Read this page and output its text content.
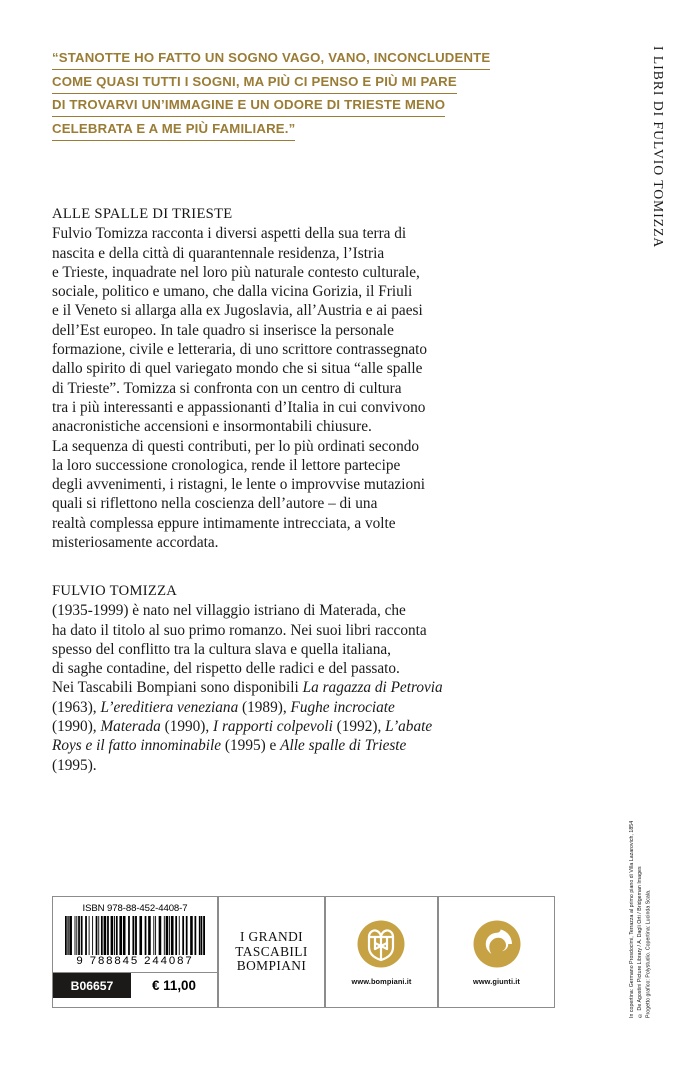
I LIBRI DI FULVIO TOMIZZA
“STANOTTE HO FATTO UN SOGNO VAGO, VANO, INCONCLUDENTE
COME QUASI TUTTI I SOGNI, MA PIÙ CI PENSO E PIÙ MI PARE
DI TROVARVI UN’IMMAGINE E UN ODORE DI TRIESTE MENO
CELEBRATA E A ME PIÙ FAMILIARE.”
ALLE SPALLE DI TRIESTE
Fulvio Tomizza racconta i diversi aspetti della sua terra di
nascita e della città di quarantennale residenza, l’Istria
e Trieste, inquadrate nel loro più naturale contesto culturale,
sociale, politico e umano, che dalla vicina Gorizia, il Friuli
e il Veneto si allarga alla ex Jugoslavia, all’Austria e ai paesi
dell’Est europeo. In tale quadro si inserisce la personale
formazione, civile e letteraria, di uno scrittore contrassegnato
dallo spirito di quel variegato mondo che si situa “alle spalle
di Trieste”. Tomizza si confronta con un centro di cultura
tra i più interessanti e appassionanti d’Italia in cui convivono
anacronistiche accensioni e insormontabili chiusure.
La sequenza di questi contributi, per lo più ordinati secondo
la loro successione cronologica, rende il lettore partecipe
degli avvenimenti, i ristagni, le lente o improvvise mutazioni
quali si riflettono nella coscienza dell’autore – di una
realtà complessa eppure intimamente intrecciata, a volte
misteriosamente accordata.
FULVIO TOMIZZA
(1935-1999) è nato nel villaggio istriano di Materada, che
ha dato il titolo al suo primo romanzo. Nei suoi libri racconta
spesso del conflitto tra la cultura slava e quella italiana,
di saghe contadine, del rispetto delle radici e del passato.
Nei Tascabili Bompiani sono disponibili La ragazza di Petrovia
(1963), L’ereditiera veneziana (1989), Fughe incrociate
(1990), Materada (1990), I rapporti colpevoli (1992), L’abate
Roys e il fatto innominabile (1995) e Alle spalle di Trieste
(1995).
ISBN 978-88-452-4408-7
9 788845 244087
B06657	€ 11,00
I GRANDI
TASCABILI
BOMPIANI
www.bompiani.it	www.giunti.it	In copertina: Germano Prosdocimi, Terrazza al primo piano di Villa Lazarovich, 1854 © De Agostini Picture Library / A. Dagli Orti / Bridgeman Images Progetto grafico: Polystudio. Copertina: Lucinda Scala.
